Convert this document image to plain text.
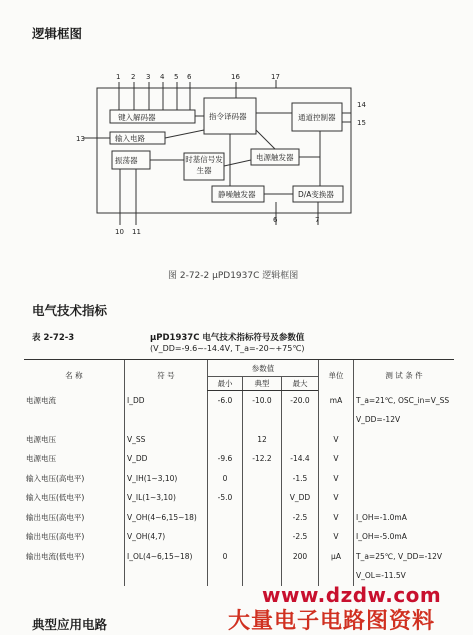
逻辑框图
1 2 3 4 5 6	16	17
13
14
15
10 11
6	7
键入解码器
输入电路
振荡器
指令译码器	通道控制器
电源触发器
静噪触发器	D/A变换器
时基信号发生器
图 2-72-2 μPD1937C 逻辑框图
电气技术指标
表 2-72-3	μPD1937C 电气技术指标符号及参数值
(V_DD=-9.6~-14.4V, T_a=-20~+75℃)
名 称	符 号	参数值			单位	测 试 条 件
		最小	典型	最大		
电源电流	I_DD	-6.0	-10.0	-20.0	mA	T_a=21℃, OSC_in=V_SS
						V_DD=-12V
电源电压	V_SS		12		V	
电源电压	V_DD	-9.6	-12.2	-14.4	V	
输入电压(高电平)	V_IH(1~3,10)	0		-1.5	V	
输入电压(低电平)	V_IL(1~3,10)	-5.0		V_DD	V	
输出电压(高电平)	V_OH(4~6,15~18)			-2.5	V	I_OH=-1.0mA
输出电压(高电平)	V_OH(4,7)			-2.5	V	I_OH=-5.0mA
输出电流(低电平)	I_OL(4~6,15~18)	0		200	μA	T_a=25℃, V_DD=-12V
						V_OL=-11.5V
典型应用电路
www.dzdw.com
大量电子电路图资料
